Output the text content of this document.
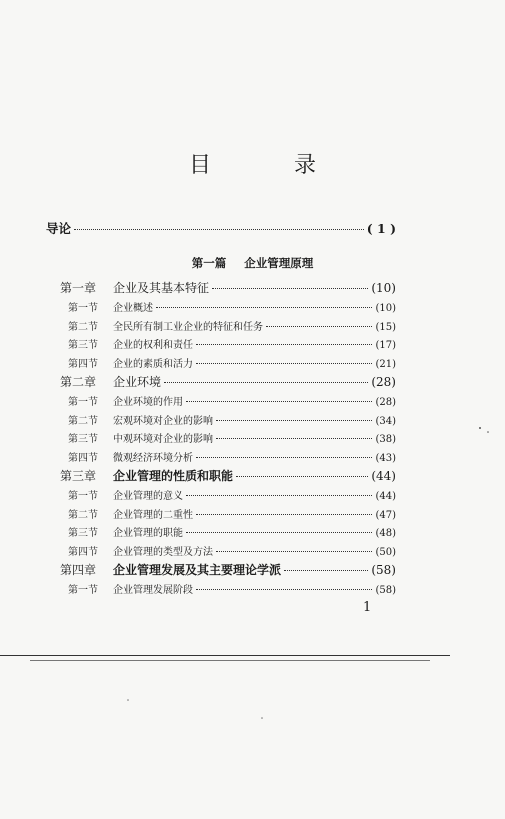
目 录
导论	( 1 )
第一篇 企业管理原理
第一章	企业及其基本特征	(10)
第一节	企业概述	(10)
第二节	全民所有制工业企业的特征和任务	(15)
第三节	企业的权利和责任	(17)
第四节	企业的素质和活力	(21)
第二章	企业环境	(28)
第一节	企业环境的作用	(28)
第二节	宏观环境对企业的影响	(34)
第三节	中观环境对企业的影响	(38)
第四节	微观经济环境分析	(43)
第三章	企业管理的性质和职能	(44)
第一节	企业管理的意义	(44)
第二节	企业管理的二重性	(47)
第三节	企业管理的职能	(48)
第四节	企业管理的类型及方法	(50)
第四章	企业管理发展及其主要理论学派	(58)
第一节	企业管理发展阶段	(58)
1
